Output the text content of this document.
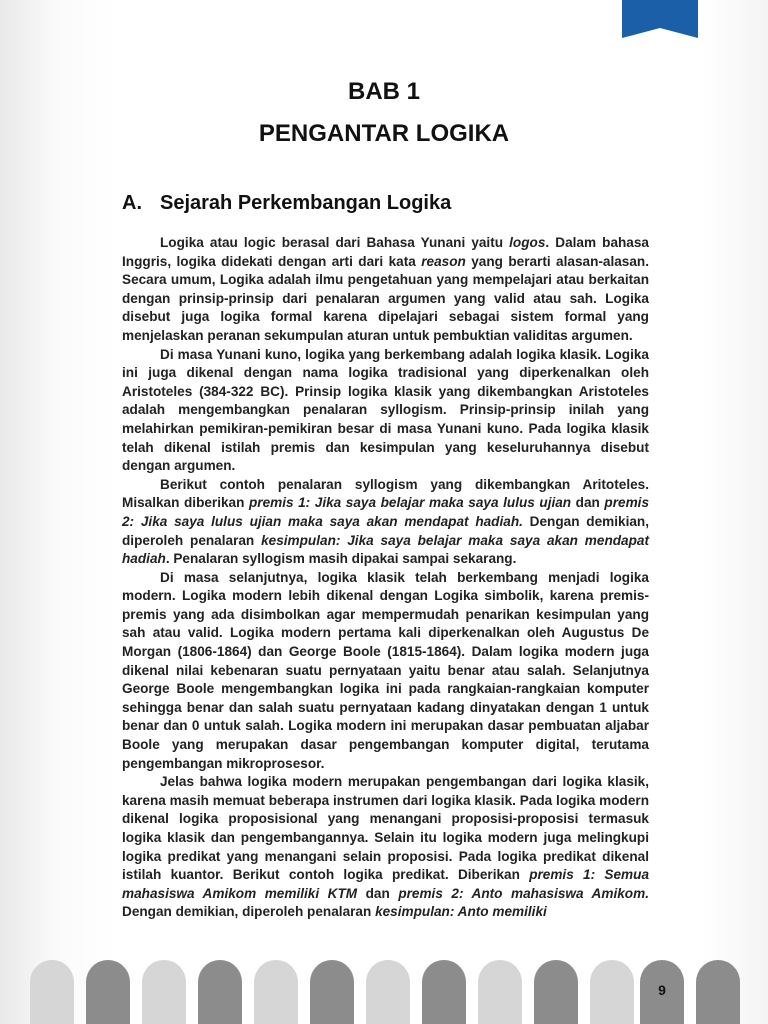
BAB 1
PENGANTAR LOGIKA
A. Sejarah Perkembangan Logika

Logika atau logic berasal dari Bahasa Yunani yaitu logos. Dalam bahasa Inggris, logika didekati dengan arti dari kata reason yang berarti alasan-alasan. Secara umum, Logika adalah ilmu pengetahuan yang mempelajari atau berkaitan dengan prinsip-prinsip dari penalaran argumen yang valid atau sah. Logika disebut juga logika formal karena dipelajari sebagai sistem formal yang menjelaskan peranan sekumpulan aturan untuk pembuktian validitas argumen.

Di masa Yunani kuno, logika yang berkembang adalah logika klasik. Logika ini juga dikenal dengan nama logika tradisional yang diperkenalkan oleh Aristoteles (384-322 BC). Prinsip logika klasik yang dikembangkan Aristoteles adalah mengembangkan penalaran syllogism. Prinsip-prinsip inilah yang melahirkan pemikiran-pemikiran besar di masa Yunani kuno. Pada logika klasik telah dikenal istilah premis dan kesimpulan yang keseluruhannya disebut dengan argumen.

Berikut contoh penalaran syllogism yang dikembangkan Aritoteles. Misalkan diberikan premis 1: Jika saya belajar maka saya lulus ujian dan premis 2: Jika saya lulus ujian maka saya akan mendapat hadiah. Dengan demikian, diperoleh penalaran kesimpulan: Jika saya belajar maka saya akan mendapat hadiah. Penalaran syllogism masih dipakai sampai sekarang.

Di masa selanjutnya, logika klasik telah berkembang menjadi logika modern. Logika modern lebih dikenal dengan Logika simbolik, karena premis-premis yang ada disimbolkan agar mempermudah penarikan kesimpulan yang sah atau valid. Logika modern pertama kali diperkenalkan oleh Augustus De Morgan (1806-1864) dan George Boole (1815-1864). Dalam logika modern juga dikenal nilai kebenaran suatu pernyataan yaitu benar atau salah. Selanjutnya George Boole mengembangkan logika ini pada rangkaian-rangkaian komputer sehingga benar dan salah suatu pernyataan kadang dinyatakan dengan 1 untuk benar dan 0 untuk salah. Logika modern ini merupakan dasar pembuatan aljabar Boole yang merupakan dasar pengembangan komputer digital, terutama pengembangan mikroprosesor.

Jelas bahwa logika modern merupakan pengembangan dari logika klasik, karena masih memuat beberapa instrumen dari logika klasik. Pada logika modern dikenal logika proposisional yang menangani proposisi-proposisi termasuk logika klasik dan pengembangannya. Selain itu logika modern juga melingkupi logika predikat yang menangani selain proposisi. Pada logika predikat dikenal istilah kuantor. Berikut contoh logika predikat. Diberikan premis 1: Semua mahasiswa Amikom memiliki KTM dan premis 2: Anto mahasiswa Amikom. Dengan demikian, diperoleh penalaran kesimpulan: Anto memiliki

9
